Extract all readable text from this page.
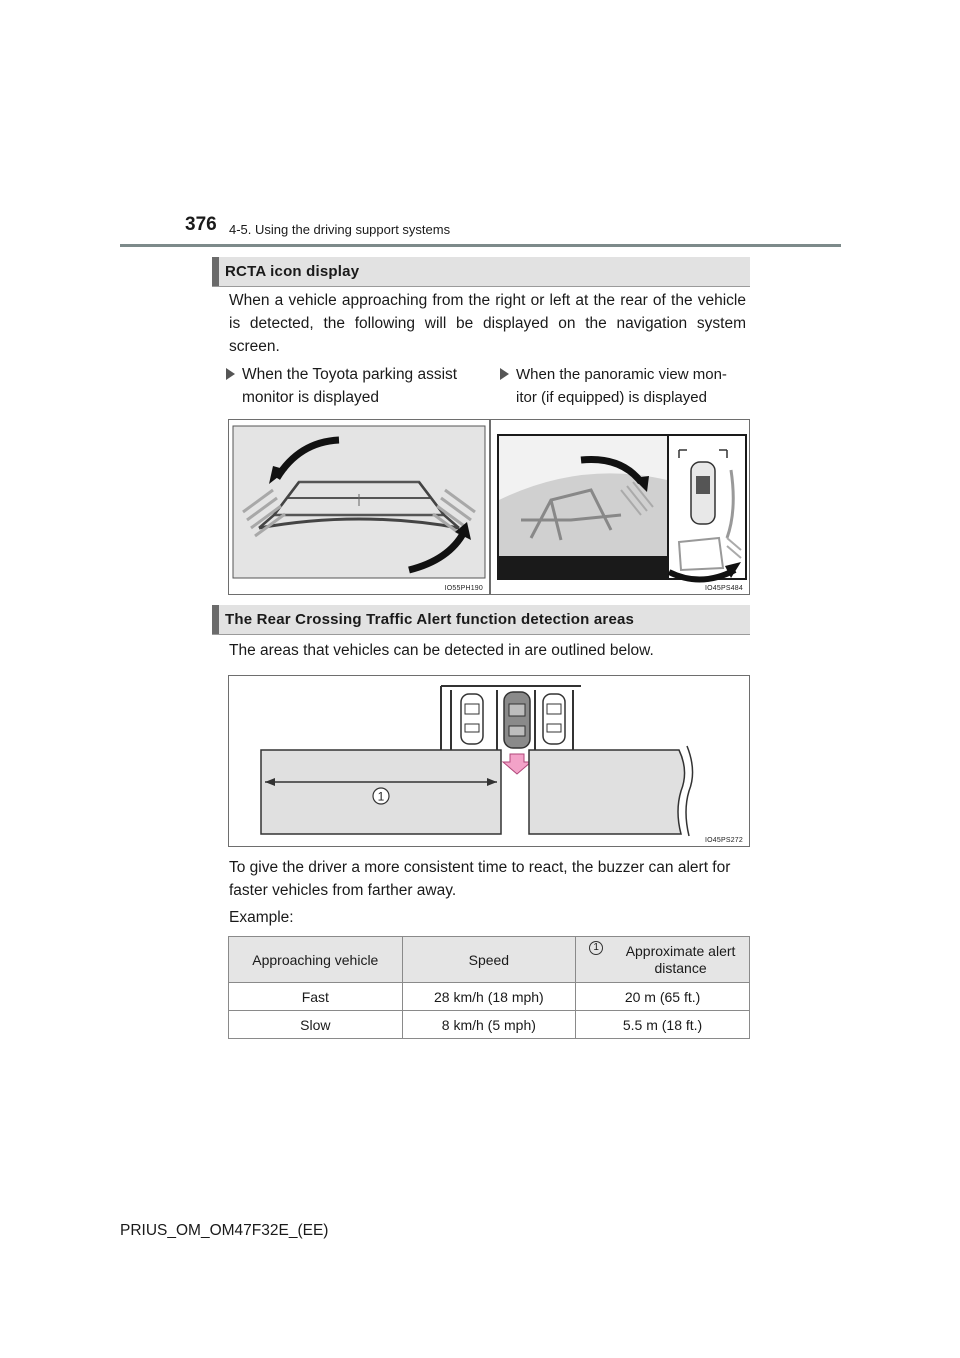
376 4-5. Using the driving support systems
RCTA icon display
When a vehicle approaching from the right or left at the rear of the vehicle is detected, the following will be displayed on the navigation system screen.
When the Toyota parking assist monitor is displayed
When the panoramic view mon-
itor (if equipped) is displayed
IO55PH190	IO45PS484
The Rear Crossing Traffic Alert function detection areas
The areas that vehicles can be detected in are outlined below.
1
IO45PS272
To give the driver a more consistent time to react, the buzzer can alert for faster vehicles from farther away.
Example:
Approaching vehicle	Speed	1 Approximate alert distance
Fast	28 km/h (18 mph)	20 m (65 ft.)
Slow	8 km/h (5 mph)	5.5 m (18 ft.)
PRIUS_OM_OM47F32E_(EE)
